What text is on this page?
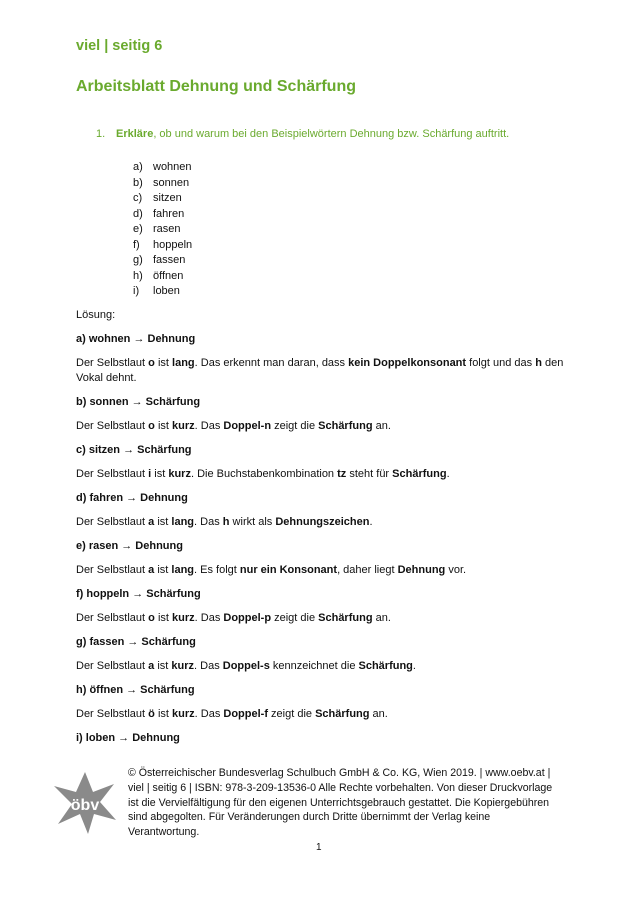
viel | seitig 6
Arbeitsblatt Dehnung und Schärfung
1. Erkläre, ob und warum bei den Beispielwörtern Dehnung bzw. Schärfung auftritt.
a) wohnen
b) sonnen
c) sitzen
d) fahren
e) rasen
f) hoppeln
g) fassen
h) öffnen
i) loben
Lösung:
a) wohnen → Dehnung
Der Selbstlaut o ist lang. Das erkennt man daran, dass kein Doppelkonsonant folgt und das h den Vokal dehnt.
b) sonnen → Schärfung
Der Selbstlaut o ist kurz. Das Doppel-n zeigt die Schärfung an.
c) sitzen → Schärfung
Der Selbstlaut i ist kurz. Die Buchstabenkombination tz steht für Schärfung.
d) fahren → Dehnung
Der Selbstlaut a ist lang. Das h wirkt als Dehnungszeichen.
e) rasen → Dehnung
Der Selbstlaut a ist lang. Es folgt nur ein Konsonant, daher liegt Dehnung vor.
f) hoppeln → Schärfung
Der Selbstlaut o ist kurz. Das Doppel-p zeigt die Schärfung an.
g) fassen → Schärfung
Der Selbstlaut a ist kurz. Das Doppel-s kennzeichnet die Schärfung.
h) öffnen → Schärfung
Der Selbstlaut ö ist kurz. Das Doppel-f zeigt die Schärfung an.
i) loben → Dehnung
öbv
© Österreichischer Bundesverlag Schulbuch GmbH & Co. KG, Wien 2019. | www.oebv.at | viel | seitig 6 | ISBN: 978-3-209-13536-0 Alle Rechte vorbehalten. Von dieser Druckvorlage ist die Vervielfältigung für den eigenen Unterrichtsgebrauch gestattet. Die Kopiergebühren sind abgegolten. Für Veränderungen durch Dritte übernimmt der Verlag keine Verantwortung.
1
